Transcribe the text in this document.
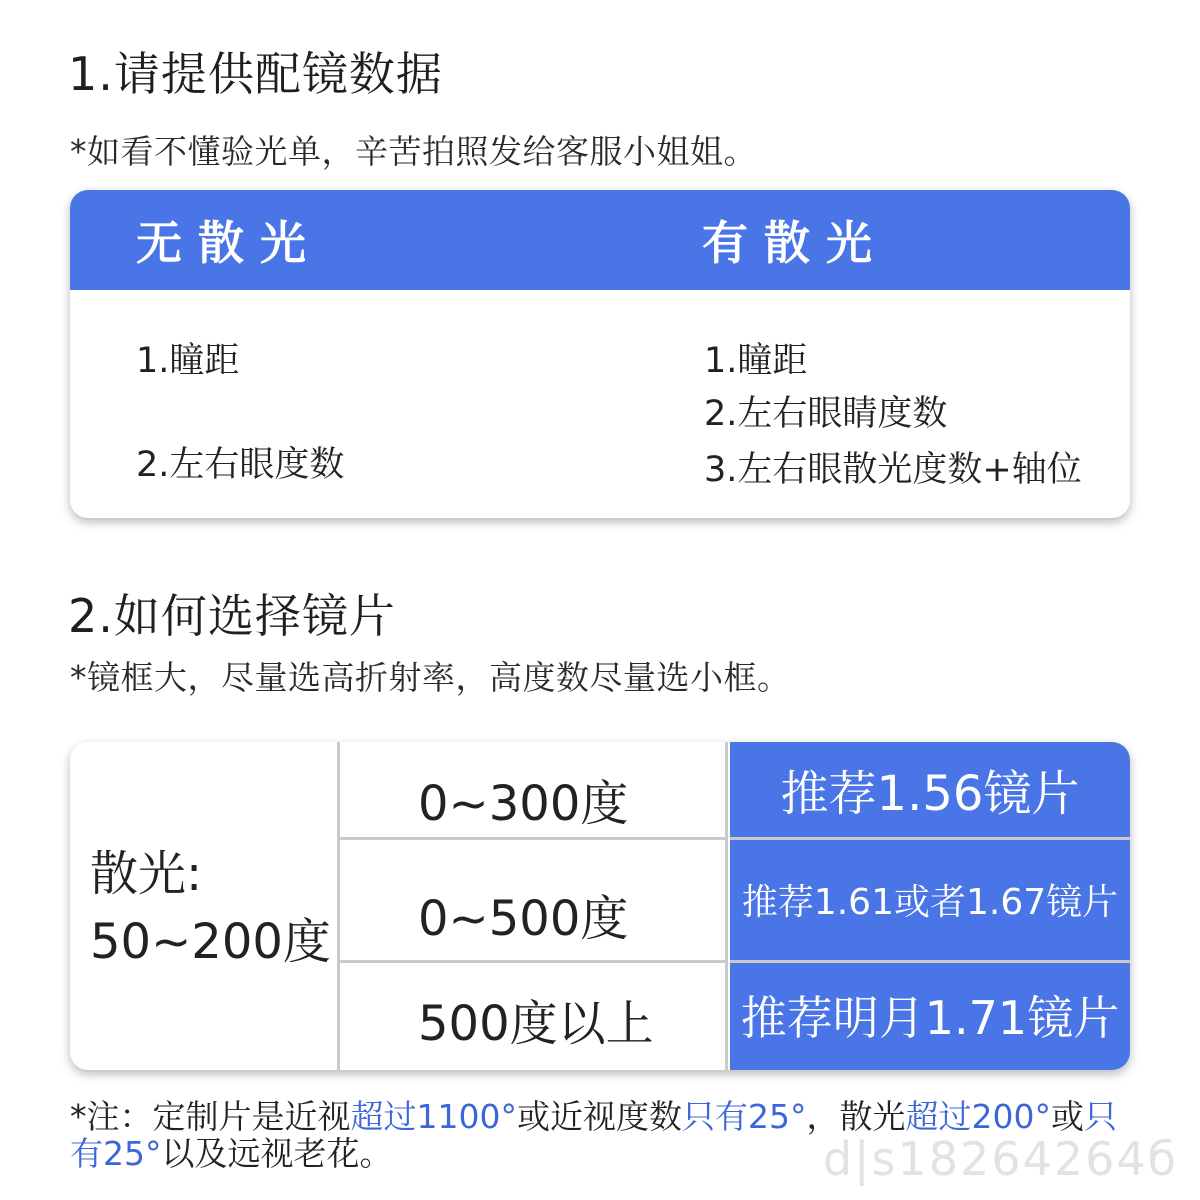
1.请提供配镜数据
*如看不懂验光单，辛苦拍照发给客服小姐姐。
无散光	有散光
1.瞳距
2.左右眼度数
1.瞳距
2.左右眼睛度数
3.左右眼散光度数+轴位
2.如何选择镜片
*镜框大，尽量选高折射率，高度数尽量选小框。
散光:
50~200度
0~300度
0~500度
500度以上
推荐1.56镜片
推荐1.61或者1.67镜片
推荐明月1.71镜片
*注：定制片是近视超过1100°或近视度数只有25°，散光超过200°或只有25°以及远视老花。	d|s18264264б
